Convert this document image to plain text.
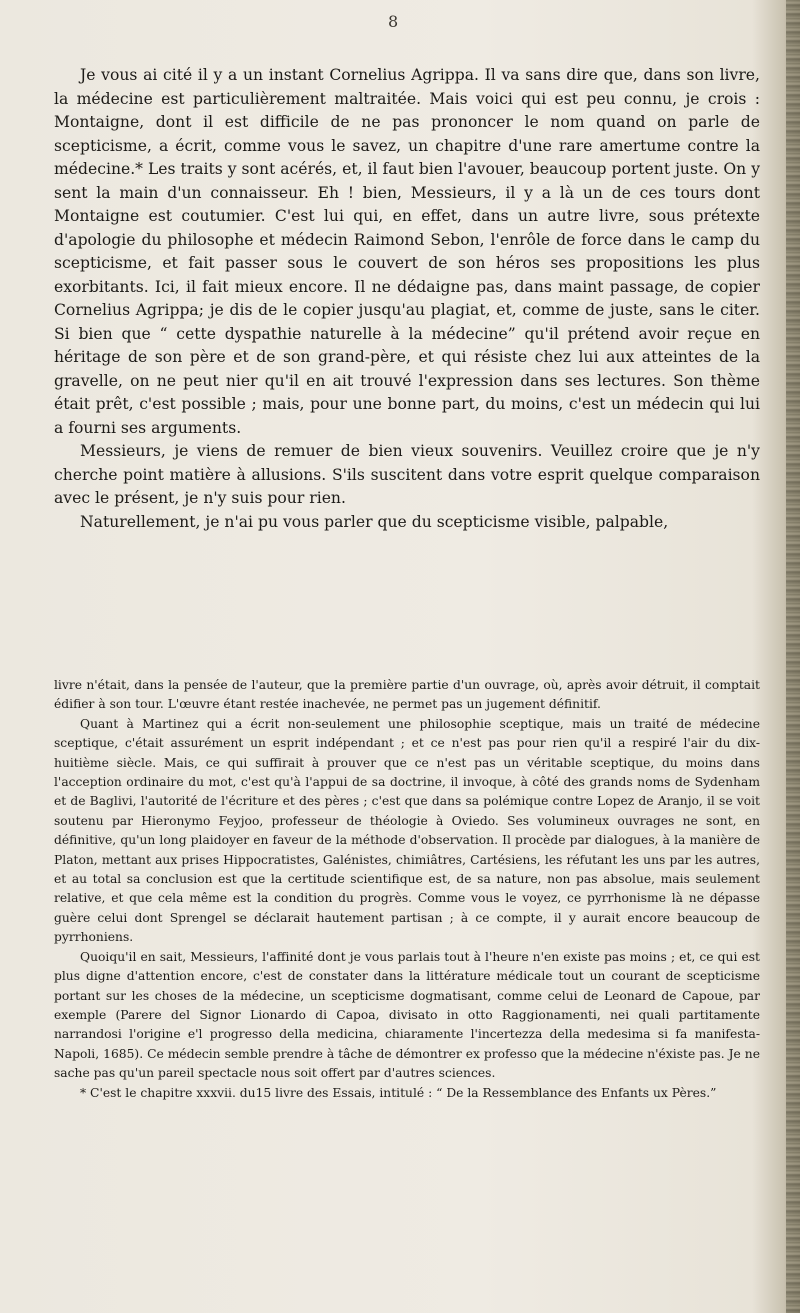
8

Je vous ai cité il y a un instant Cornelius Agrippa. Il va sans dire que, dans son livre, la médecine est particulièrement maltraitée. Mais voici qui est peu connu, je crois : Montaigne, dont il est difficile de ne pas prononcer le nom quand on parle de scepticisme, a écrit, comme vous le savez, un chapitre d'une rare amertume contre la médecine.* Les traits y sont acérés, et, il faut bien l'avouer, beaucoup portent juste. On y sent la main d'un connaisseur. Eh ! bien, Messieurs, il y a là un de ces tours dont Montaigne est coutumier. C'est lui qui, en effet, dans un autre livre, sous prétexte d'apologie du philosophe et médecin Raimond Sebon, l'enrôle de force dans le camp du scepticisme, et fait passer sous le couvert de son héros ses propositions les plus exorbitants. Ici, il fait mieux encore. Il ne dédaigne pas, dans maint passage, de copier Cornelius Agrippa; je dis de le copier jusqu'au plagiat, et, comme de juste, sans le citer. Si bien que “ cette dyspathie naturelle à la médecine” qu'il prétend avoir reçue en héritage de son père et de son grand-père, et qui résiste chez lui aux atteintes de la gravelle, on ne peut nier qu'il en ait trouvé l'expression dans ses lectures. Son thème était prêt, c'est possible ; mais, pour une bonne part, du moins, c'est un médecin qui lui a fourni ses arguments.

Messieurs, je viens de remuer de bien vieux souvenirs. Veuillez croire que je n'y cherche point matière à allusions. S'ils suscitent dans votre esprit quelque comparaison avec le présent, je n'y suis pour rien.

Naturellement, je n'ai pu vous parler que du scepticisme visible, palpable,

livre n'était, dans la pensée de l'auteur, que la première partie d'un ouvrage, où, après avoir détruit, il comptait édifier à son tour. L'œuvre étant restée inachevée, ne permet pas un jugement définitif.

Quant à Martinez qui a écrit non-seulement une philosophie sceptique, mais un traité de médecine sceptique, c'était assurément un esprit indépendant ; et ce n'est pas pour rien qu'il a respiré l'air du dix-huitième siècle. Mais, ce qui suffirait à prouver que ce n'est pas un véritable sceptique, du moins dans l'acception ordinaire du mot, c'est qu'à l'appui de sa doctrine, il invoque, à côté des grands noms de Sydenham et de Baglivi, l'autorité de l'écriture et des pères ; c'est que dans sa polémique contre Lopez de Aranjo, il se voit soutenu par Hieronymo Feyjoo, professeur de théologie à Oviedo. Ses volumineux ouvrages ne sont, en définitive, qu'un long plaidoyer en faveur de la méthode d'observation. Il procède par dialogues, à la manière de Platon, mettant aux prises Hippocratistes, Galénistes, chimiâtres, Cartésiens, les réfutant les uns par les autres, et au total sa conclusion est que la certitude scientifique est, de sa nature, non pas absolue, mais seulement relative, et que cela même est la condition du progrès. Comme vous le voyez, ce pyrrhonisme là ne dépasse guère celui dont Sprengel se déclarait hautement partisan ; à ce compte, il y aurait encore beaucoup de pyrrhoniens.

Quoiqu'il en sait, Messieurs, l'affinité dont je vous parlais tout à l'heure n'en existe pas moins ; et, ce qui est plus digne d'attention encore, c'est de constater dans la littérature médicale tout un courant de scepticisme portant sur les choses de la médecine, un scepticisme dogmatisant, comme celui de Leonard de Capoue, par exemple (Parere del Signor Lionardo di Capoa, divisato in otto Raggionamenti, nei quali partitamente narrandosi l'origine e'l progresso della medicina, chiaramente l'incertezza della medesima si fa manifesta-Napoli, 1685). Ce médecin semble prendre à tâche de démontrer ex professo que la médecine n'éxiste pas. Je ne sache pas qu'un pareil spectacle nous soit offert par d'autres sciences.

* C'est le chapitre xxxvii. du15 livre des Essais, intitulé : “ De la Ressemblance des Enfants ux Pères.”
